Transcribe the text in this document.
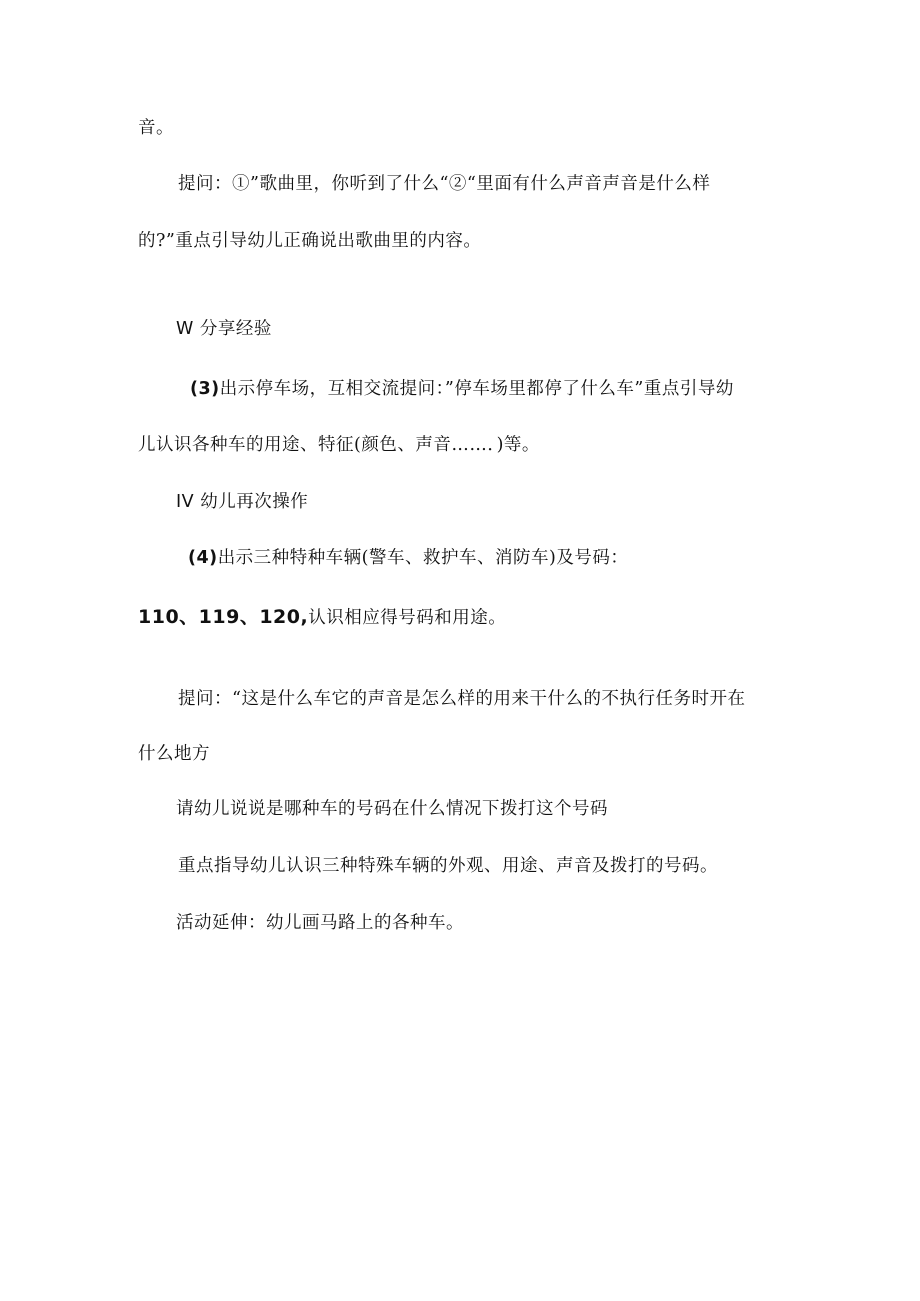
音。
提问：①”歌曲里，你听到了什么“②“里面有什么声音声音是什么样
的?”重点引导幼儿正确说出歌曲里的内容。
W 分享经验
(3)出示停车场，互相交流提问：”停车场里都停了什么车”重点引导幼
儿认识各种车的用途、特征(颜色、声音……．)等。
IV 幼儿再次操作
(4)出示三种特种车辆(警车、救护车、消防车)及号码：
110、119、120,认识相应得号码和用途。
提问：“这是什么车它的声音是怎么样的用来干什么的不执行任务时开在
什么地方
请幼儿说说是哪种车的号码在什么情况下拨打这个号码
重点指导幼儿认识三种特殊车辆的外观、用途、声音及拨打的号码。
活动延伸：幼儿画马路上的各种车。
